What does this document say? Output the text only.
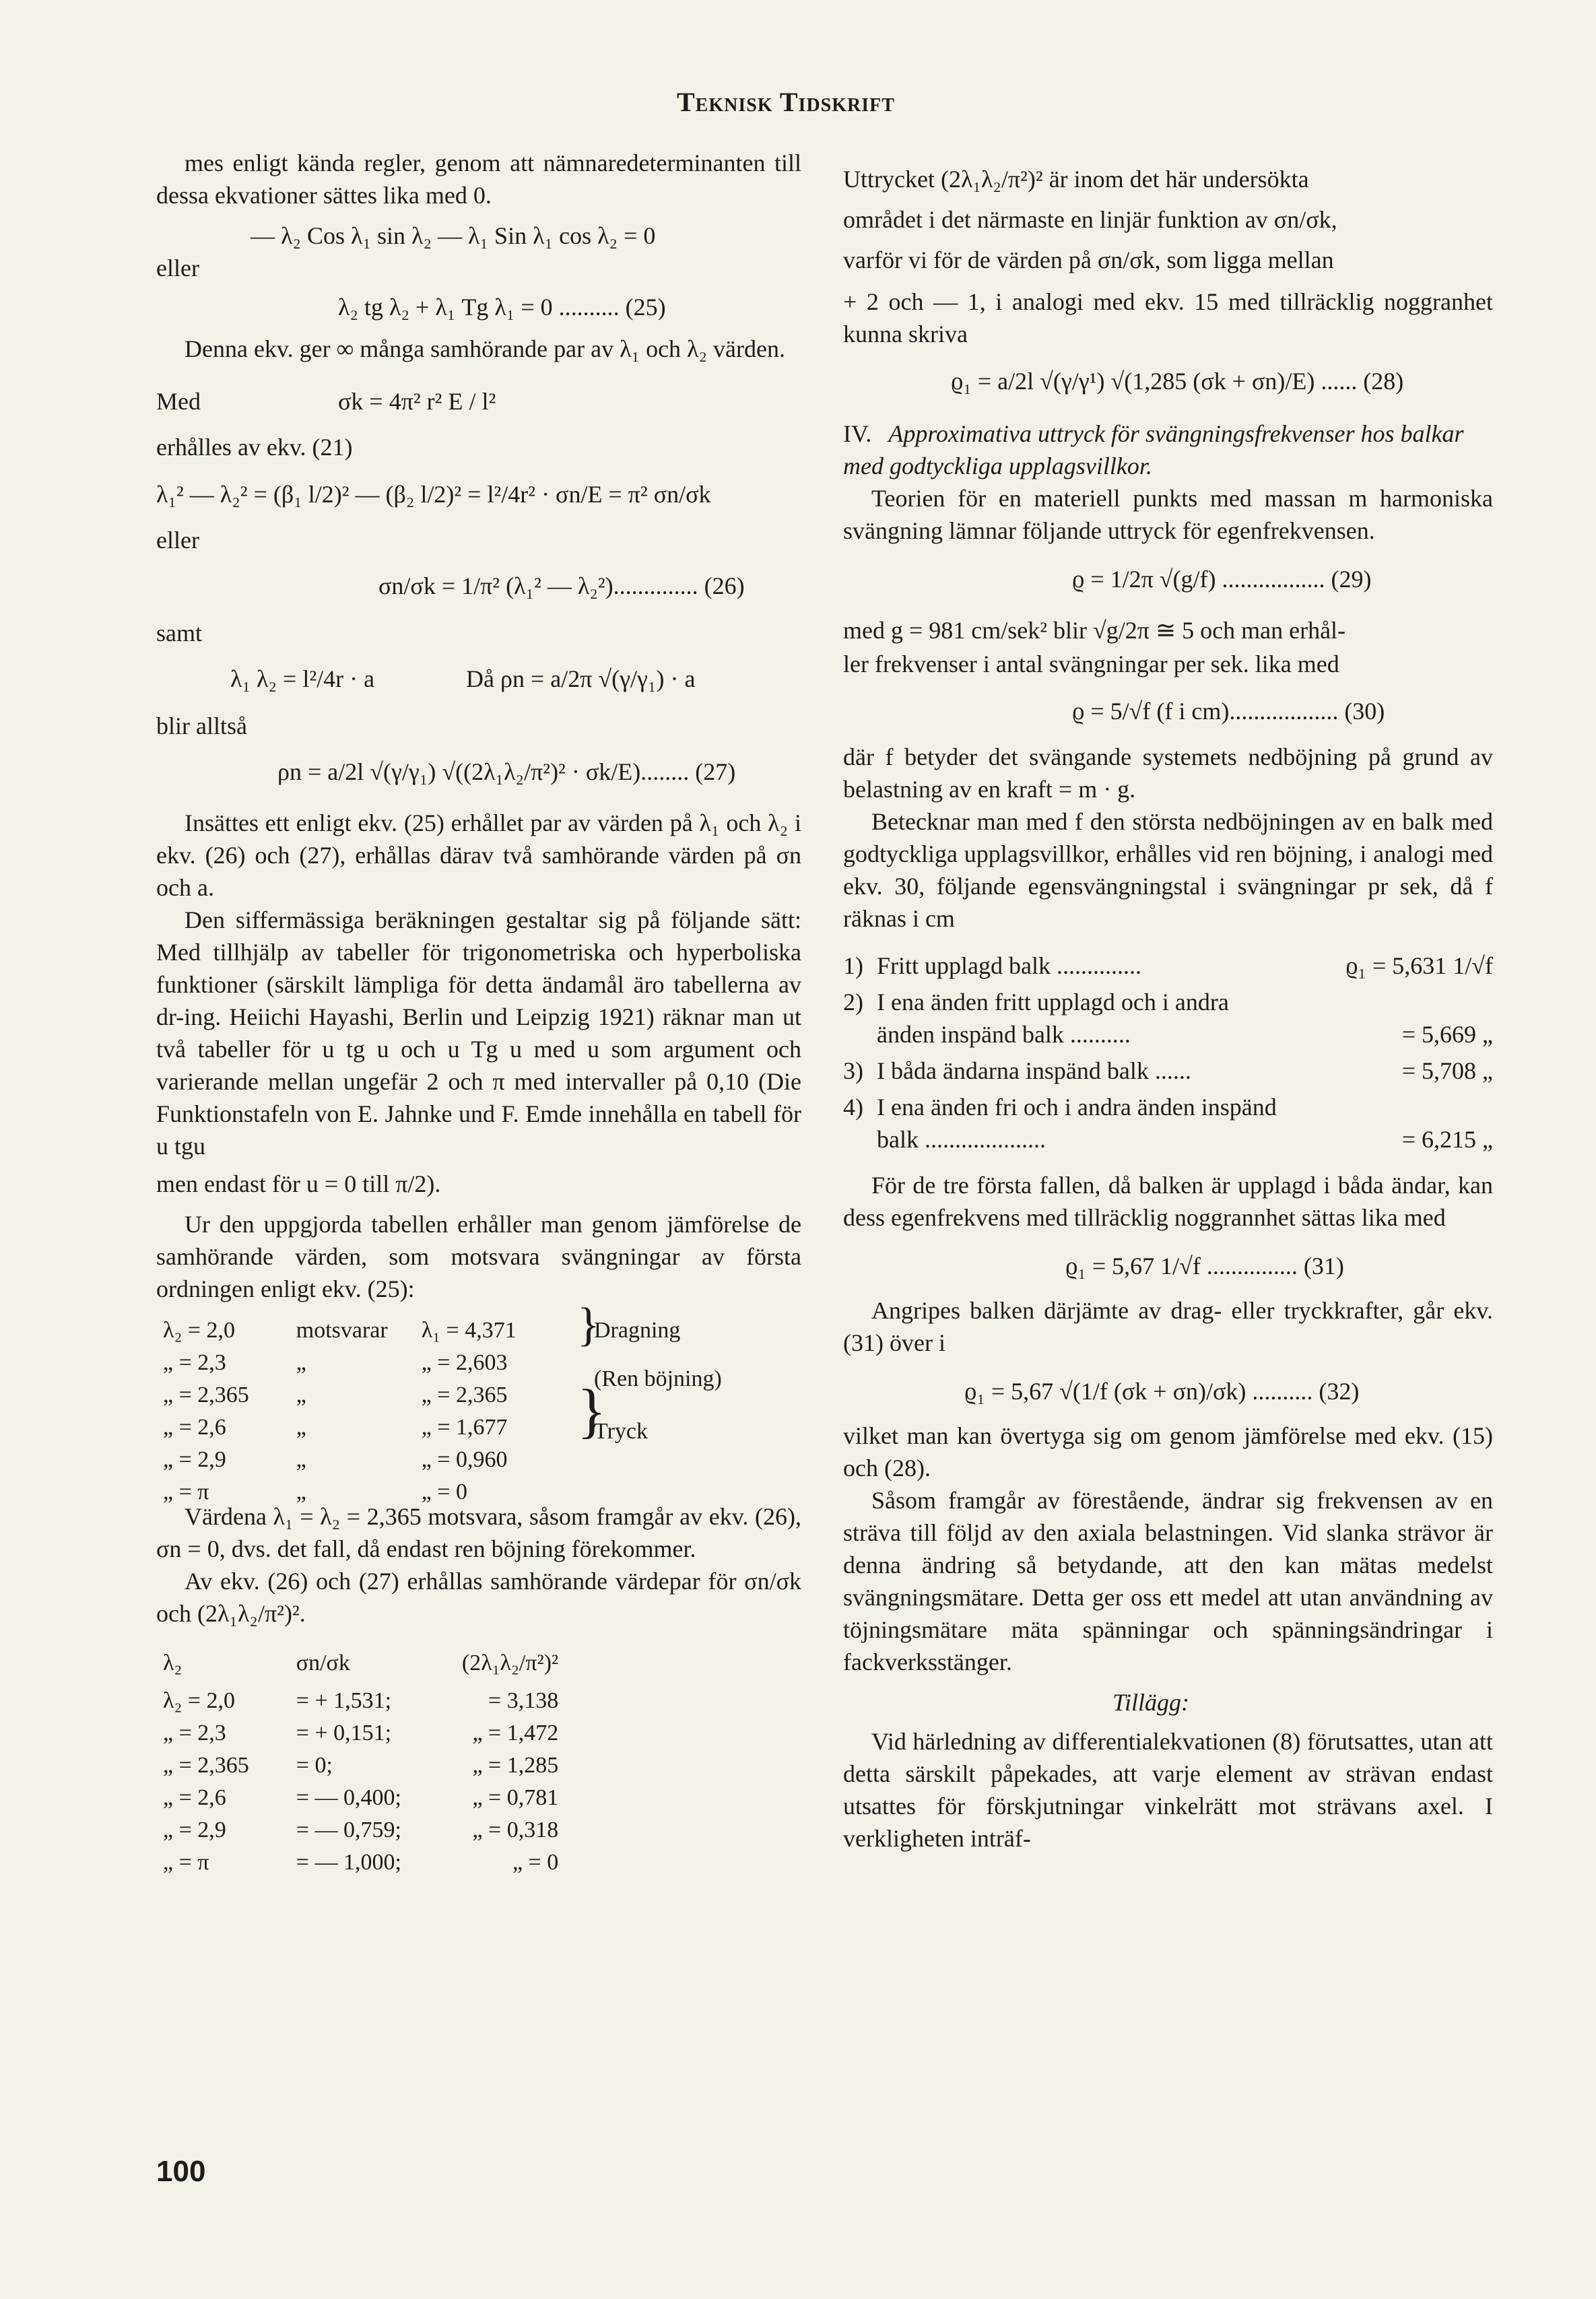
Teknisk Tidskrift

mes enligt kända regler, genom att nämnaredeterminanten till dessa ekvationer sättes lika med 0.

— λ₂ Cos λ₁ sin λ₂ — λ₁ Sin λ₁ cos λ₂ = 0
eller
λ₂ tg λ₂ + λ₁ Tg λ₁ = 0 .......... (25)

Denna ekv. ger ∞ många samhörande par av λ₁ och λ₂ värden.

Med	σk = 4π² r² E / l²
erhålles av ekv. (21)
λ₁² — λ₂² = (β₁ l/2)² — (β₂ l/2)² = l²/4r² · σn/E = π² σn/σk
eller
σn/σk = 1/π² (λ₁² — λ₂²).............. (26)
samt
λ₁ λ₂ = l²/4r · a	Då ρn = a/2π √(γ/γ₁) · a
blir alltså
ρn = a/2l √(γ/γ₁) √((2λ₁λ₂/π²)² · σk/E)........ (27)

Insättes ett enligt ekv. (25) erhållet par av värden på λ₁ och λ₂ i ekv. (26) och (27), erhållas därav två samhörande värden på σn och a.

Den siffermässiga beräkningen gestaltar sig på följande sätt: Med tillhjälp av tabeller för trigonometriska och hyperboliska funktioner (särskilt lämpliga för detta ändamål äro tabellerna av dr-ing. Heiichi Hayashi, Berlin und Leipzig 1921) räknar man ut två tabeller för u tg u och u Tg u med u som argument och varierande mellan ungefär 2 och π med intervaller på 0,10 (Die Funktionstafeln von E. Jahnke und F. Emde innehålla en tabell för u tgu

men endast för u = 0 till π/2).

Ur den uppgjorda tabellen erhåller man genom jämförelse de samhörande värden, som motsvara svängningar av första ordningen enligt ekv. (25):

λ₂ = 2,0	motsvarar	λ₁ = 4,371
„ = 2,3	„	„ = 2,603
„ = 2,365	„	„ = 2,365
„ = 2,6	„	„ = 1,677
„ = 2,9	„	„ = 0,960
„ = π	„	„ = 0
Dragning
(Ren böjning)
Tryck
}
}

Värdena λ₁ = λ₂ = 2,365 motsvara, såsom framgår av ekv. (26), σn = 0, dvs. det fall, då endast ren böjning förekommer.

Av ekv. (26) och (27) erhållas samhörande värdepar för σn/σk och (2λ₁λ₂/π²)².

λ₂	σn/σk	(2λ₁λ₂/π²)²
λ₂ = 2,0	= + 1,531;	= 3,138
„ = 2,3	= + 0,151;	„ = 1,472
„ = 2,365	= 0;	„ = 1,285
„ = 2,6	= — 0,400;	„ = 0,781
„ = 2,9	= — 0,759;	„ = 0,318
„ = π	= — 1,000;	„ = 0
Uttrycket (2λ₁λ₂/π²)² är inom det här undersökta
området i det närmaste en linjär funktion av σn/σk,
varför vi för de värden på σn/σk, som ligga mellan

+ 2 och — 1, i analogi med ekv. 15 med tillräcklig noggranhet kunna skriva

ϱ₁ = a/2l √(γ/γ¹) √(1,285 (σk + σn)/E) ...... (28)
IV. Approximativa uttryck för svängningsfrekvenser hos balkar med godtyckliga upplagsvillkor.

Teorien för en materiell punkts med massan m harmoniska svängning lämnar följande uttryck för egenfrekvensen.

ϱ = 1/2π √(g/f) ................. (29)
med g = 981 cm/sek² blir √g/2π ≅ 5 och man erhål-
ler frekvenser i antal svängningar per sek. lika med
ϱ = 5/√f (f i cm).................. (30)

där f betyder det svängande systemets nedböjning på grund av belastning av en kraft = m · g.

Betecknar man med f den största nedböjningen av en balk med godtyckliga upplagsvillkor, erhålles vid ren böjning, i analogi med ekv. 30, följande egensvängningstal i svängningar pr sek, då f räknas i cm

1) Fritt upplagd balk ..............	ϱ₁ = 5,631 1/√f
2) I ena änden fritt upplagd och i andra änden inspänd balk ..........	= 5,669 „
3) I båda ändarna inspänd balk ......	= 5,708 „
4) I ena änden fri och i andra änden inspänd balk ....................	= 6,215 „

För de tre första fallen, då balken är upplagd i båda ändar, kan dess egenfrekvens med tillräcklig noggrannhet sättas lika med

ϱ₁ = 5,67 1/√f ............... (31)

Angripes balken därjämte av drag- eller tryckkrafter, går ekv. (31) över i

ϱ₁ = 5,67 √(1/f (σk + σn)/σk) .......... (32)

vilket man kan övertyga sig om genom jämförelse med ekv. (15) och (28).

Såsom framgår av förestående, ändrar sig frekvensen av en sträva till följd av den axiala belastningen. Vid slanka strävor är denna ändring så betydande, att den kan mätas medelst svängningsmätare. Detta ger oss ett medel att utan användning av töjningsmätare mäta spänningar och spänningsändringar i fackverksstänger.

Tillägg:

Vid härledning av differentialekvationen (8) förutsattes, utan att detta särskilt påpekades, att varje element av strävan endast utsattes för förskjutningar vinkelrätt mot strävans axel. I verkligheten inträf-

100
